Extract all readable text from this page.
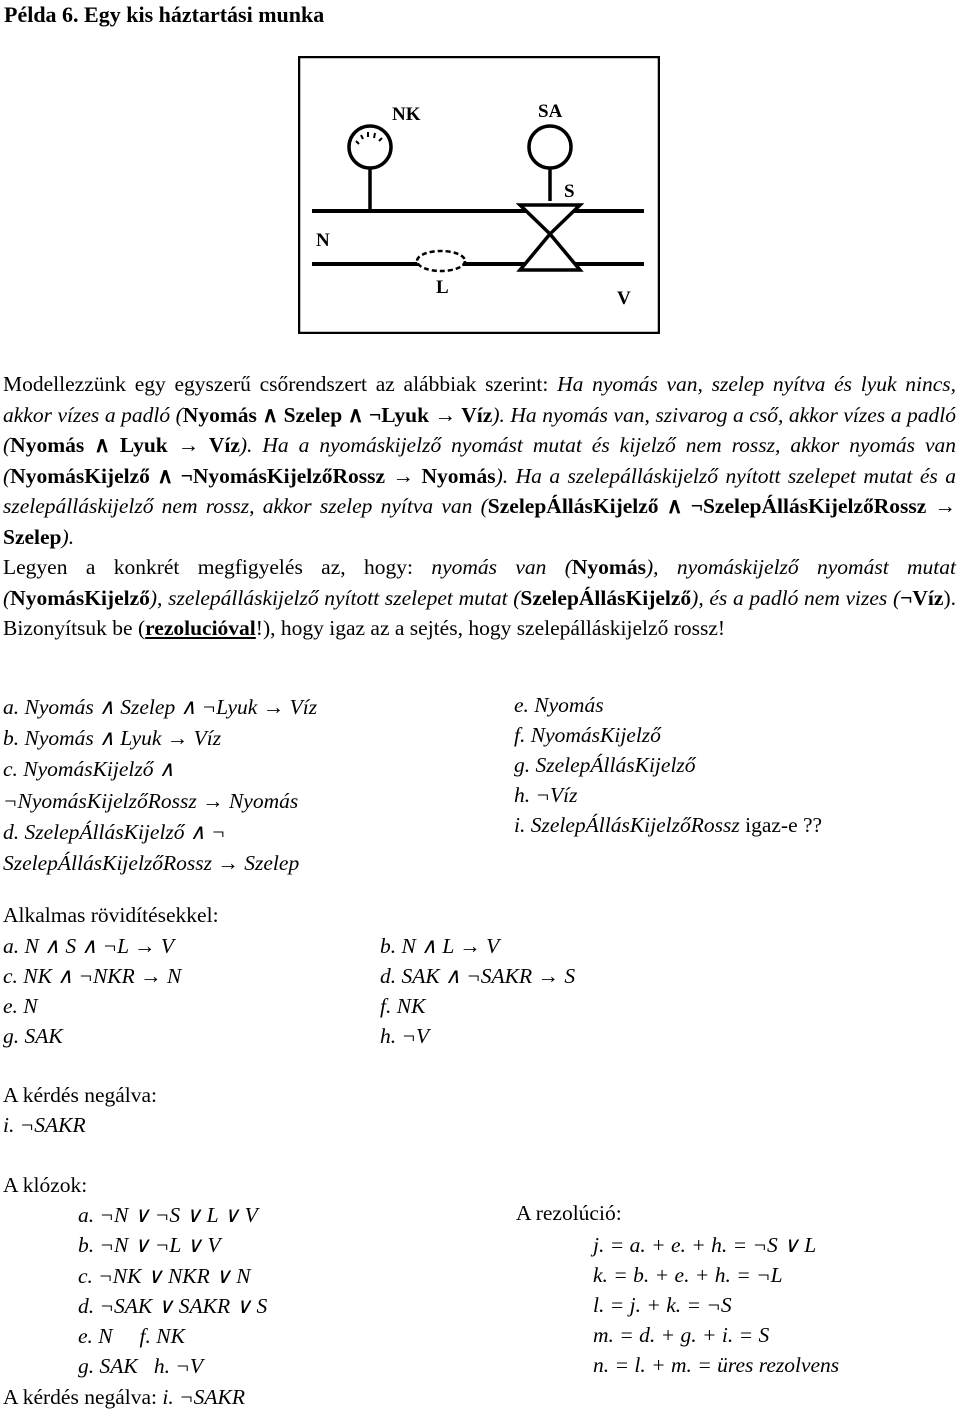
Példa 6. Egy kis háztartási munka
NK	SA
S
N
L
V

Modellezzünk egy egyszerű csőrendszert az alábbiak szerint: Ha nyomás van, szelep nyítva és lyuk nincs, akkor vízes a padló (Nyomás ∧ Szelep ∧ ¬Lyuk → Víz). Ha nyomás van, szivarog a cső, akkor vízes a padló (Nyomás ∧ Lyuk → Víz). Ha a nyomáskijelző nyomást mutat és kijelző nem rossz, akkor nyomás van (NyomásKijelző ∧ ¬NyomásKijelzőRossz → Nyomás). Ha a szelepálláskijelző nyított szelepet mutat és a szelepálláskijelző nem rossz, akkor szelep nyítva van (SzelepÁllásKijelző ∧ ¬SzelepÁllásKijelzőRossz → Szelep).

Legyen a konkrét megfigyelés az, hogy: nyomás van (Nyomás), nyomáskijelző nyomást mutat (NyomásKijelző), szelepálláskijelző nyított szelepet mutat (SzelepÁllásKijelző), és a padló nem vizes (¬Víz). Bizonyítsuk be (rezolucióval!), hogy igaz az a sejtés, hogy szelepálláskijelző rossz!

a. Nyomás ∧ Szelep ∧ ¬Lyuk → Víz
b. Nyomás ∧ Lyuk → Víz
c. NyomásKijelző ∧
¬NyomásKijelzőRossz → Nyomás
d. SzelepÁllásKijelző ∧ ¬
SzelepÁllásKijelzőRossz → Szelep
e. Nyomás
f. NyomásKijelző
g. SzelepÁllásKijelző
h. ¬Víz
i. SzelepÁllásKijelzőRossz igaz-e ??
Alkalmas rövidítésekkel:
a. N ∧ S ∧ ¬L → V
c. NK ∧ ¬NKR → N
e. N
g. SAK
b. N ∧ L → V
d. SAK ∧ ¬SAKR → S
f. NK
h. ¬V
A kérdés negálva:
i. ¬SAKR
A klózok:
a. ¬N ∨ ¬S ∨ L ∨ V
b. ¬N ∨ ¬L ∨ V
c. ¬NK ∨ NKR ∨ N
d. ¬SAK ∨ SAKR ∨ S
e. N     f. NK
g. SAK   h. ¬V
A kérdés negálva: i. ¬SAKR
A rezolúció:
j. = a. + e. + h. = ¬S ∨ L
k. = b. + e. + h. = ¬L
l. = j. + k. = ¬S
m. = d. + g. + i. = S
n. = l. + m. = üres rezolvens
